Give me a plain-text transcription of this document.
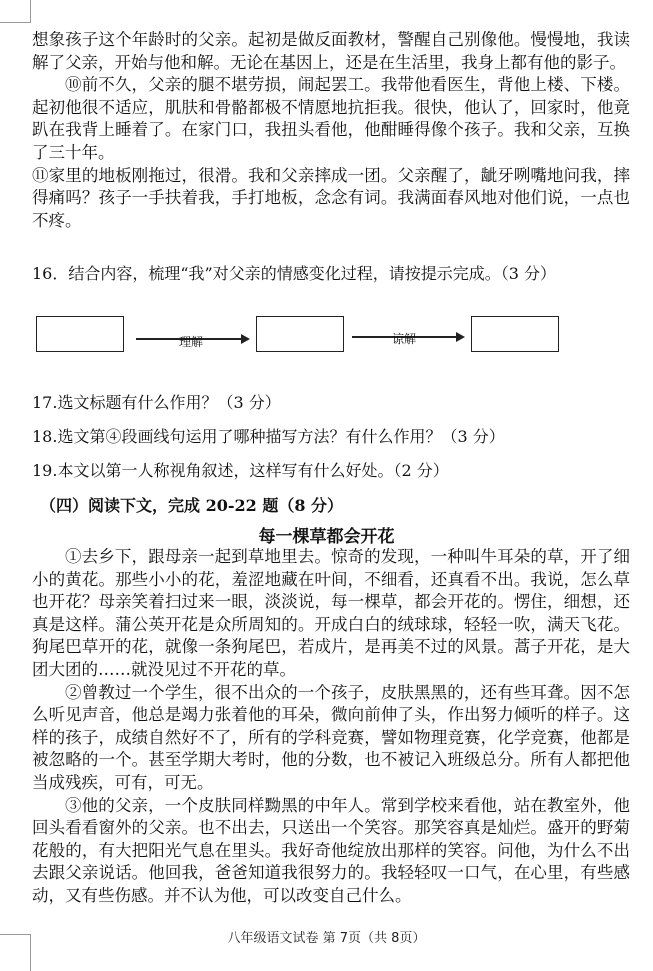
想象孩子这个年龄时的父亲。起初是做反面教材，警醒自己别像他。慢慢地，我读解了父亲，开始与他和解。无论在基因上，还是在生活里，我身上都有他的影子。

⑩前不久，父亲的腿不堪劳损，闹起罢工。我带他看医生，背他上楼、下楼。起初他很不适应，肌肤和骨骼都极不情愿地抗拒我。很快，他认了，回家时，他竟趴在我背上睡着了。在家门口，我扭头看他，他酣睡得像个孩子。我和父亲，互换了三十年。

⑪家里的地板刚拖过，很滑。我和父亲摔成一团。父亲醒了，龇牙咧嘴地问我，摔得痛吗？孩子一手扶着我，手打地板，念念有词。我满面春风地对他们说，一点也不疼。

16．结合内容，梳理“我”对父亲的情感变化过程，请按提示完成。（3 分）
理解	谅解
17.选文标题有什么作用？（3 分）
18.选文第④段画线句运用了哪种描写方法？有什么作用？（3 分）
19.本文以第一人称视角叙述，这样写有什么好处。（2 分）
（四）阅读下文，完成 20-22 题（8 分）
每一棵草都会开花

①去乡下，跟母亲一起到草地里去。惊奇的发现，一种叫牛耳朵的草，开了细小的黄花。那些小小的花，羞涩地藏在叶间，不细看，还真看不出。我说，怎么草也开花？母亲笑着扫过来一眼，淡淡说，每一棵草，都会开花的。愣住，细想，还真是这样。蒲公英开花是众所周知的。开成白白的绒球球，轻轻一吹，满天飞花。狗尾巴草开的花，就像一条狗尾巴，若成片，是再美不过的风景。蒿子开花，是大团大团的……就没见过不开花的草。

②曾教过一个学生，很不出众的一个孩子，皮肤黑黑的，还有些耳聋。因不怎么听见声音，他总是竭力张着他的耳朵，微向前伸了头，作出努力倾听的样子。这样的孩子，成绩自然好不了，所有的学科竞赛，譬如物理竞赛，化学竞赛，他都是被忽略的一个。甚至学期大考时，他的分数，也不被记入班级总分。所有人都把他当成残疾，可有，可无。

③他的父亲，一个皮肤同样黝黑的中年人。常到学校来看他，站在教室外，他回头看看窗外的父亲。也不出去，只送出一个笑容。那笑容真是灿烂。盛开的野菊花般的，有大把阳光气息在里头。我好奇他绽放出那样的笑容。问他，为什么不出去跟父亲说话。他回我，爸爸知道我很努力的。我轻轻叹一口气，在心里，有些感动，又有些伤感。并不认为他，可以改变自己什么。

八年级语文试卷 第 7页（共 8页）
